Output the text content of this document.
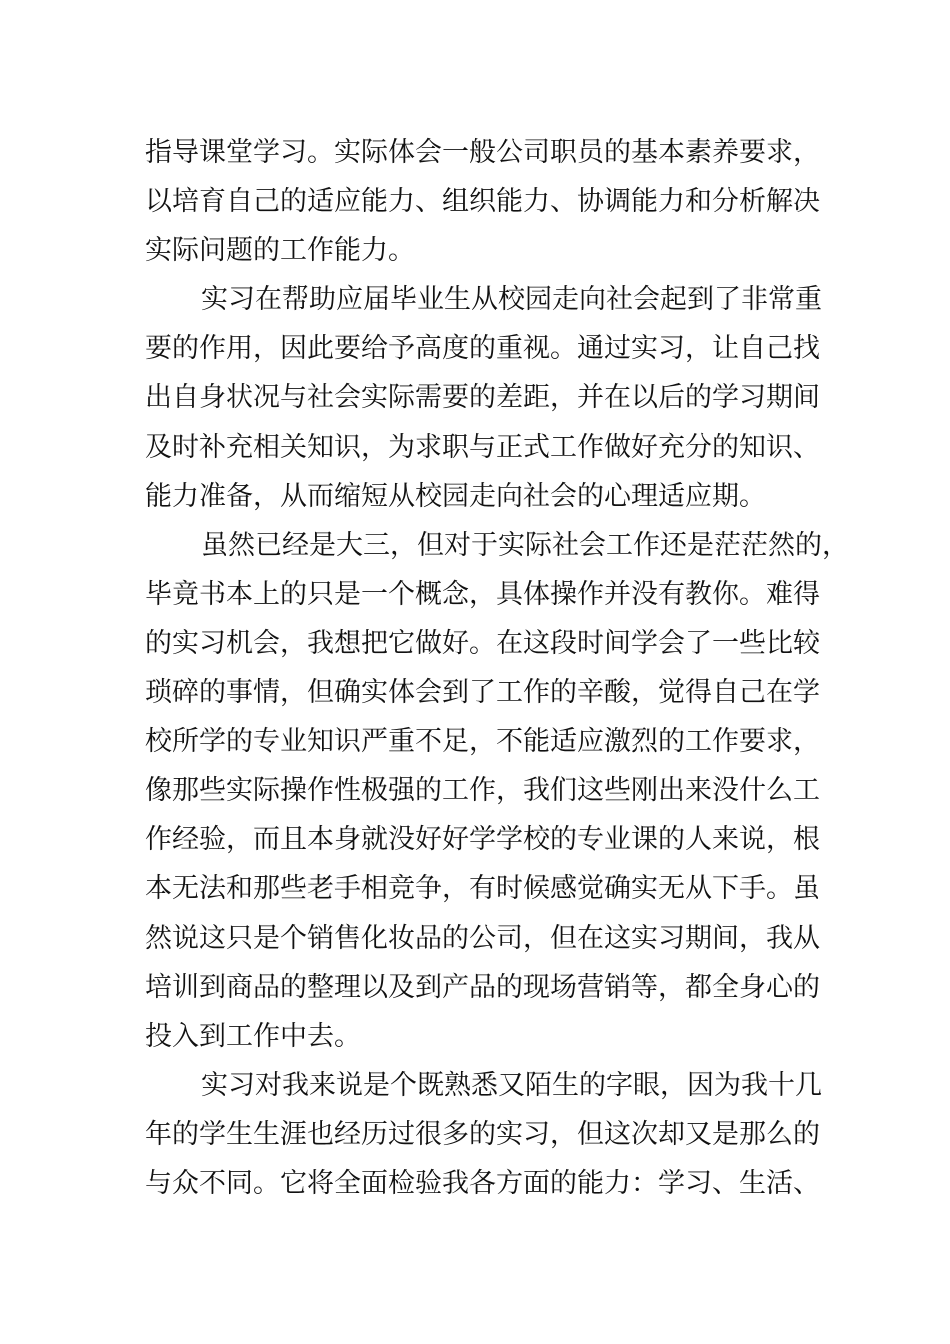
指导课堂学习。实际体会一般公司职员的基本素养要求，
以培育自己的适应能力、组织能力、协调能力和分析解决
实际问题的工作能力。
实习在帮助应届毕业生从校园走向社会起到了非常重
要的作用，因此要给予高度的重视。通过实习，让自己找
出自身状况与社会实际需要的差距，并在以后的学习期间
及时补充相关知识，为求职与正式工作做好充分的知识、
能力准备，从而缩短从校园走向社会的心理适应期。
虽然已经是大三，但对于实际社会工作还是茫茫然的，
毕竟书本上的只是一个概念，具体操作并没有教你。难得
的实习机会，我想把它做好。在这段时间学会了一些比较
琐碎的事情，但确实体会到了工作的辛酸，觉得自己在学
校所学的专业知识严重不足，不能适应激烈的工作要求，
像那些实际操作性极强的工作，我们这些刚出来没什么工
作经验，而且本身就没好好学学校的专业课的人来说，根
本无法和那些老手相竞争，有时候感觉确实无从下手。虽
然说这只是个销售化妆品的公司，但在这实习期间，我从
培训到商品的整理以及到产品的现场营销等，都全身心的
投入到工作中去。
实习对我来说是个既熟悉又陌生的字眼，因为我十几
年的学生生涯也经历过很多的实习，但这次却又是那么的
与众不同。它将全面检验我各方面的能力：学习、生活、
